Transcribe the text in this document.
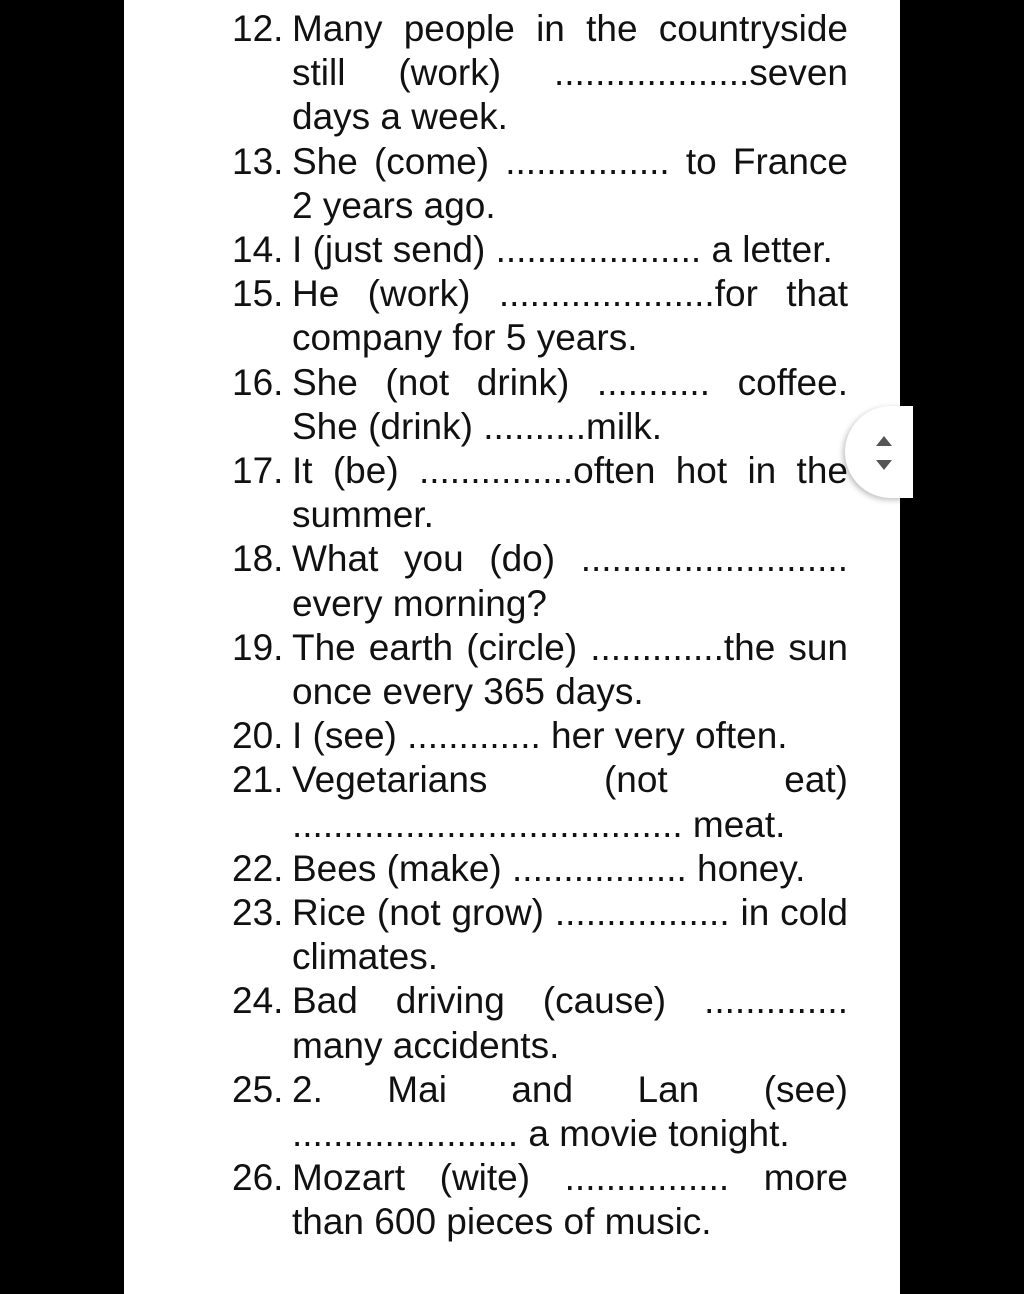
12. Many people in the countryside still (work) ...................seven days a week.
13. She (come) ................ to France 2 years ago.
14. I (just send) .................... a letter.
15. He (work) .....................for that company for 5 years.
16. She (not drink) ........... coffee. She (drink) ..........milk.
17. It (be) ...............often hot in the summer.
18. What you (do) .......................... every morning?
19. The earth (circle) .............the sun once every 365 days.
20. I (see) ............. her very often.
21. Vegetarians (not eat) ...................................... meat.
22. Bees (make) ................. honey.
23. Rice (not grow) ................. in cold climates.
24. Bad driving (cause) .............. many accidents.
25. 2. Mai and Lan (see) ...................... a movie tonight.
26. Mozart (wite) ................ more than 600 pieces of music.
